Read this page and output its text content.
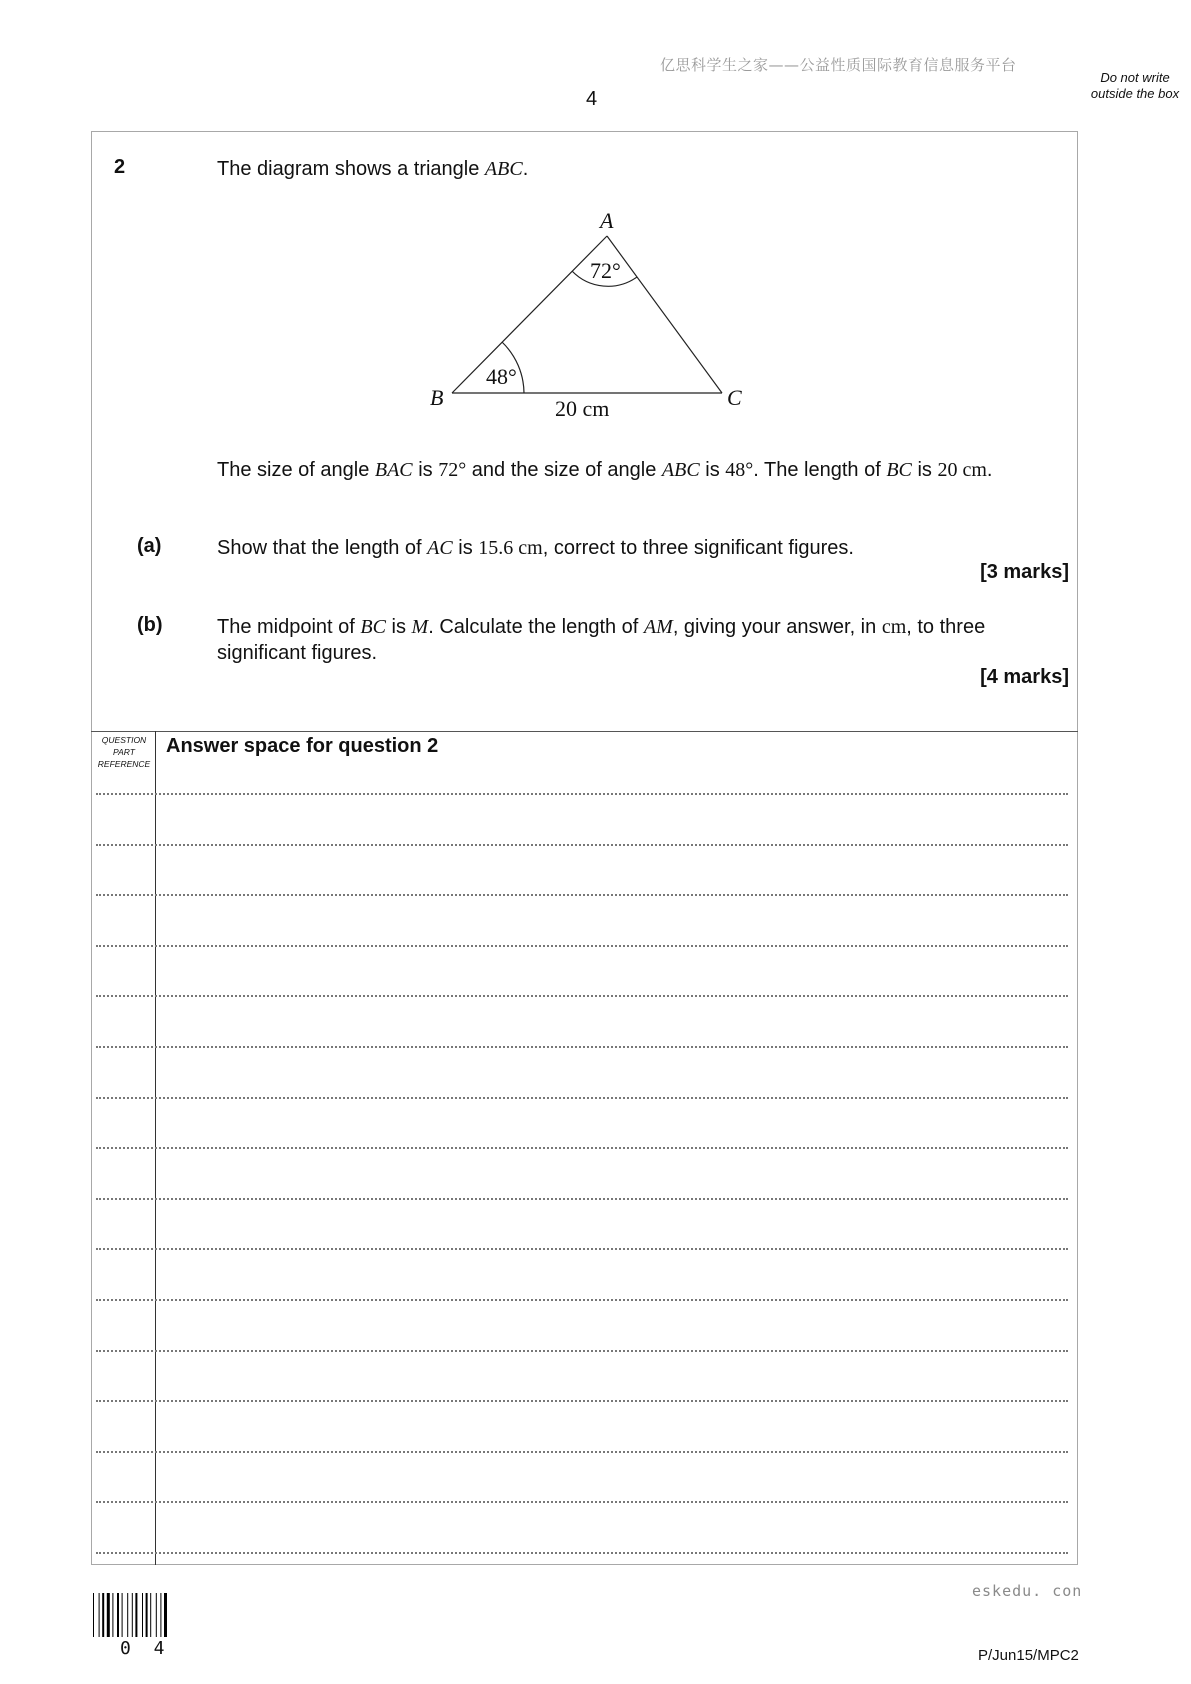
亿思科学生之家——公益性质国际教育信息服务平台
4
Do not write outside the box
2	The diagram shows a triangle ABC.
A
B	C
72°
48°
20 cm
The size of angle BAC is 72° and the size of angle ABC is 48°. The length of BC is 20 cm.
(a)	Show that the length of AC is 15.6 cm, correct to three significant figures.
[3 marks]
(b)	The midpoint of BC is M. Calculate the length of AM, giving your answer, in cm, to three significant figures.
[4 marks]
QUESTION PART REFERENCE
Answer space for question 2
0 4
eskedu. con
P/Jun15/MPC2
